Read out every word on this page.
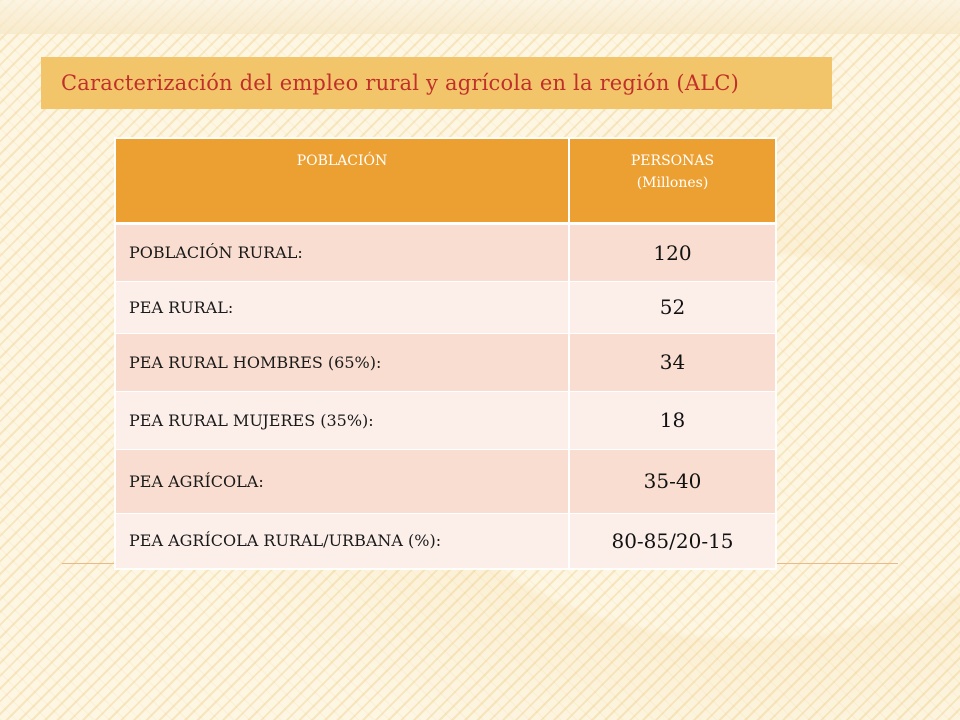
Caracterización del empleo rural y agrícola en la región (ALC)
POBLACIÓN	PERSONAS
(Millones)

POBLACIÓN RURAL:	120
PEA RURAL:	52
PEA RURAL HOMBRES (65%):	34
PEA RURAL MUJERES (35%):	18
PEA AGRÍCOLA:	35-40
PEA AGRÍCOLA RURAL/URBANA (%):	80-85/20-15
